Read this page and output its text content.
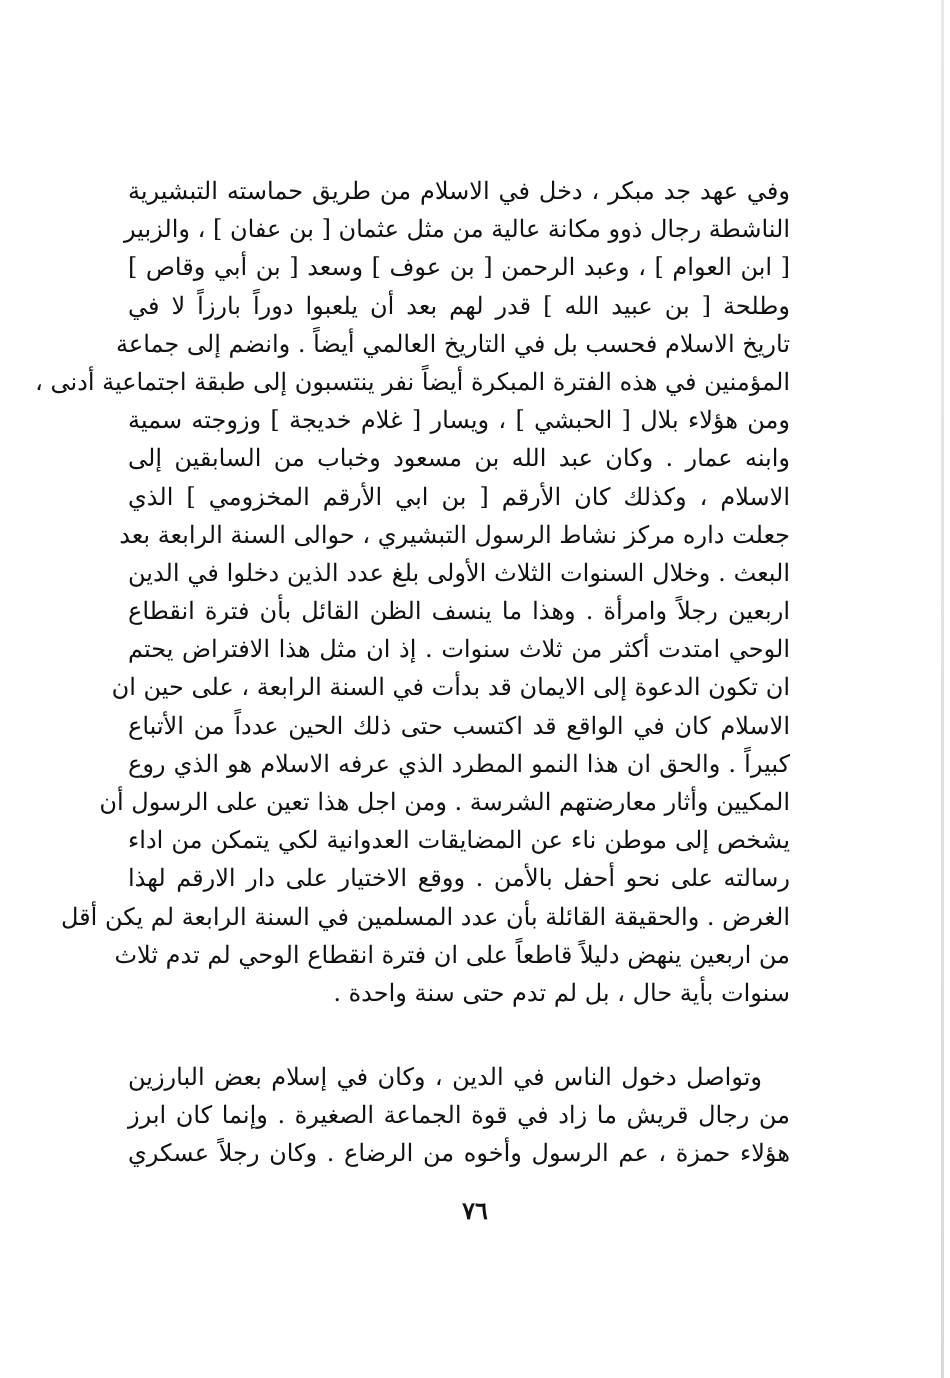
وفي عهد جد مبكر ، دخل في الاسلام من طريق حماسته التبشيرية
الناشطة رجال ذوو مكانة عالية من مثل عثمان [ بن عفان ] ، والزبير
[ ابن العوام ] ، وعبد الرحمن [ بن عوف ] وسعد [ بن أبي وقاص ]
وطلحة [ بن عبيد الله ] قدر لهم بعد أن يلعبوا دوراً بارزاً لا في
تاريخ الاسلام فحسب بل في التاريخ العالمي أيضاً . وانضم إلى جماعة
المؤمنين في هذه الفترة المبكرة أيضاً نفر ينتسبون إلى طبقة اجتماعية أدنى ،
ومن هؤلاء بلال [ الحبشي ] ، ويسار [ غلام خديجة ] وزوجته سمية
وابنه عمار . وكان عبد الله بن مسعود وخباب من السابقين إلى
الاسلام ، وكذلك كان الأرقم [ بن ابي الأرقم المخزومي ] الذي
جعلت داره مركز نشاط الرسول التبشيري ، حوالى السنة الرابعة بعد
البعث . وخلال السنوات الثلاث الأولى بلغ عدد الذين دخلوا في الدين
اربعين رجلاً وامرأة . وهذا ما ينسف الظن القائل بأن فترة انقطاع
الوحي امتدت أكثر من ثلاث سنوات . إذ ان مثل هذا الافتراض يحتم
ان تكون الدعوة إلى الايمان قد بدأت في السنة الرابعة ، على حين ان
الاسلام كان في الواقع قد اكتسب حتى ذلك الحين عدداً من الأتباع
كبيراً . والحق ان هذا النمو المطرد الذي عرفه الاسلام هو الذي روع
المكيين وأثار معارضتهم الشرسة . ومن اجل هذا تعين على الرسول أن
يشخص إلى موطن ناء عن المضايقات العدوانية لكي يتمكن من اداء
رسالته على نحو أحفل بالأمن . ووقع الاختيار على دار الارقم لهذا
الغرض . والحقيقة القائلة بأن عدد المسلمين في السنة الرابعة لم يكن أقل
من اربعين ينهض دليلاً قاطعاً على ان فترة انقطاع الوحي لم تدم ثلاث
سنوات بأية حال ، بل لم تدم حتى سنة واحدة .
وتواصل دخول الناس في الدين ، وكان في إسلام بعض البارزين
من رجال قريش ما زاد في قوة الجماعة الصغيرة . وإنما كان ابرز
هؤلاء حمزة ، عم الرسول وأخوه من الرضاع . وكان رجلاً عسكري
٧٦
